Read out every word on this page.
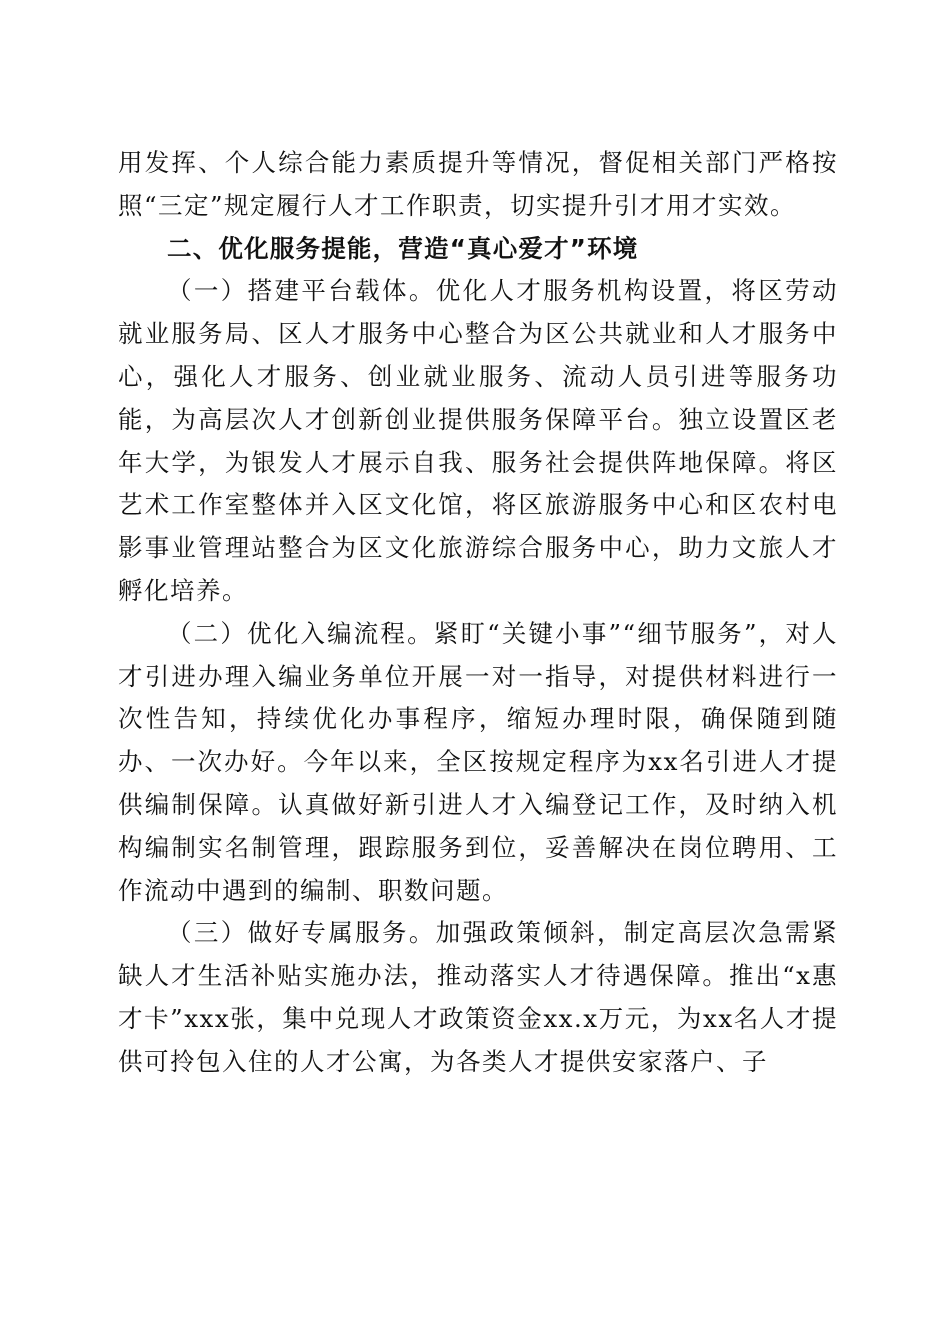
用发挥、个人综合能力素质提升等情况，督促相关部门严格按照“三定”规定履行人才工作职责，切实提升引才用才实效。

二、优化服务提能，营造“真心爱才”环境

（一）搭建平台载体。优化人才服务机构设置，将区劳动就业服务局、区人才服务中心整合为区公共就业和人才服务中心，强化人才服务、创业就业服务、流动人员引进等服务功能，为高层次人才创新创业提供服务保障平台。独立设置区老年大学，为银发人才展示自我、服务社会提供阵地保障。将区艺术工作室整体并入区文化馆，将区旅游服务中心和区农村电影事业管理站整合为区文化旅游综合服务中心，助力文旅人才孵化培养。

（二）优化入编流程。紧盯“关键小事”“细节服务”，对人才引进办理入编业务单位开展一对一指导，对提供材料进行一次性告知，持续优化办事程序，缩短办理时限，确保随到随办、一次办好。今年以来，全区按规定程序为xx名引进人才提供编制保障。认真做好新引进人才入编登记工作，及时纳入机构编制实名制管理，跟踪服务到位，妥善解决在岗位聘用、工作流动中遇到的编制、职数问题。

（三）做好专属服务。加强政策倾斜，制定高层次急需紧缺人才生活补贴实施办法，推动落实人才待遇保障。推出“x惠才卡”xxx张，集中兑现人才政策资金xx.x万元，为xx名人才提供可拎包入住的人才公寓，为各类人才提供安家落户、子
